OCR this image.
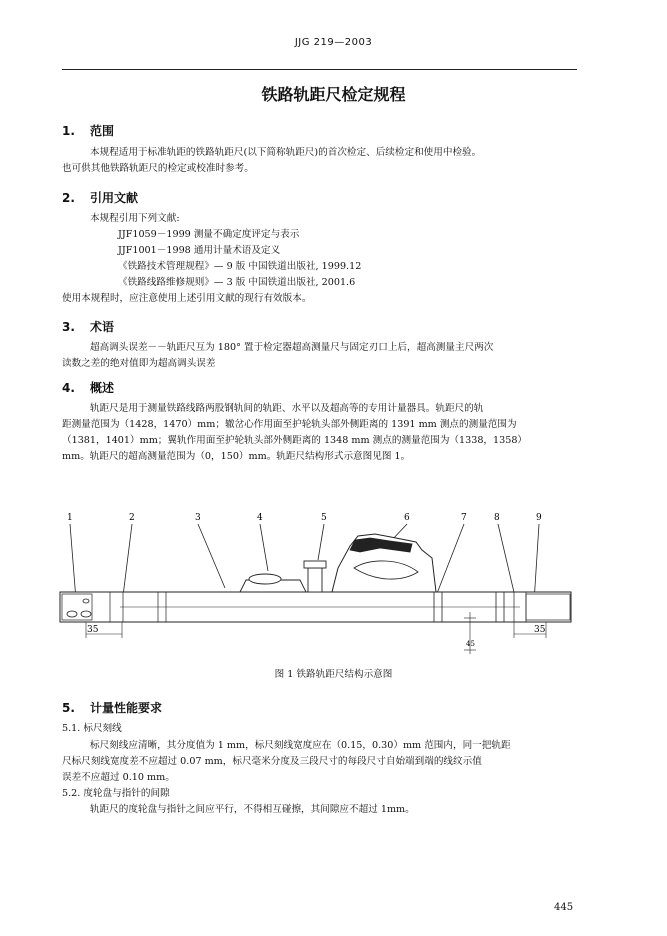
JJG 219—2003
铁路轨距尺检定规程
1. 范围
本规程适用于标准轨距的铁路轨距尺(以下简称轨距尺)的首次检定、后续检定和使用中检验。
也可供其他铁路轨距尺的检定或校准时参考。
2. 引用文献
本规程引用下列文献:
JJF1059－1999 测量不确定度评定与表示
JJF1001－1998 通用计量术语及定义
《铁路技术管理规程》— 9 版 中国铁道出版社, 1999.12
《铁路线路维修规则》— 3 版 中国铁道出版社, 2001.6
使用本规程时，应注意使用上述引用文献的现行有效版本。
3. 术语
超高调头误差－－轨距尺互为 180° 置于检定器超高测量尺与固定刃口上后，超高测量主尺两次
读数之差的绝对值即为超高调头误差
4. 概述
轨距尺是用于测量铁路线路两股钢轨间的轨距、水平以及超高等的专用计量器具。轨距尺的轨
距测量范围为（1428，1470）mm；辙岔心作用面至护轮轨头部外侧距离的 1391 mm 测点的测量范围为
（1381，1401）mm；翼轨作用面至护轮轨头部外侧距离的 1348 mm 测点的测量范围为（1338，1358）
mm。轨距尺的超高测量范围为（0，150）mm。轨距尺结构形式示意图见图 1。
1	2	3	4	5	6	7	8	9
35	35
45
图 1 铁路轨距尺结构示意图
5. 计量性能要求
5.1. 标尺刻线
标尺刻线应清晰，其分度值为 1 mm，标尺刻线宽度应在（0.15，0.30）mm 范围内，同一把轨距
尺标尺刻线宽度差不应超过 0.07 mm，标尺毫米分度及三段尺寸的每段尺寸自始端到端的线纹示值
误差不应超过 0.10 mm。
5.2. 度轮盘与指针的间隙
轨距尺的度轮盘与指针之间应平行，不得相互碰擦，其间隙应不超过 1mm。
445
